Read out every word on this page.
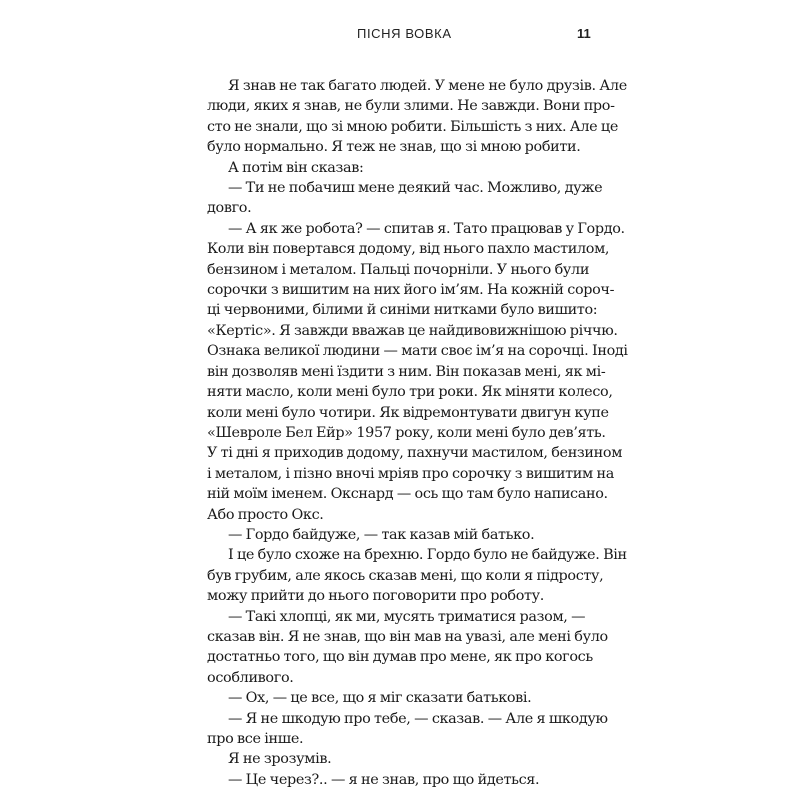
ПІСНЯ ВОВКА	11
Я знав не так багато людей. У мене не було друзів. Але
люди, яких я знав, не були злими. Не завжди. Вони про-
сто не знали, що зі мною робити. Більшість з них. Але це
було нормально. Я теж не знав, що зі мною робити.
А потім він сказав:
— Ти не побачиш мене деякий час. Можливо, дуже
довго.
— А як же робота? — спитав я. Тато працював у Гордо.
Коли він повертався додому, від нього пахло мастилом,
бензином і металом. Пальці почорніли. У нього були
сорочки з вишитим на них його ім’ям. На кожній сороч-
ці червоними, білими й синіми нитками було вишито:
«Кертіс». Я завжди вважав це найдивовижнішою річчю.
Ознака великої людини — мати своє ім’я на сорочці. Іноді
він дозволяв мені їздити з ним. Він показав мені, як мі-
няти масло, коли мені було три роки. Як міняти колесо,
коли мені було чотири. Як відремонтувати двигун купе
«Шевроле Бел Ейр» 1957 року, коли мені було дев’ять.
У ті дні я приходив додому, пахнучи мастилом, бензином
і металом, і пізно вночі мріяв про сорочку з вишитим на
ній моїм іменем. Окснард — ось що там було написано.
Або просто Окс.
— Гордо байдуже, — так казав мій батько.
І це було схоже на брехню. Гордо було не байдуже. Він
був грубим, але якось сказав мені, що коли я підросту,
можу прийти до нього поговорити про роботу.
— Такі хлопці, як ми, мусять триматися разом, —
сказав він. Я не знав, що він мав на увазі, але мені було
достатньо того, що він думав про мене, як про когось
особливого.
— Ох, — це все, що я міг сказати батькові.
— Я не шкодую про тебе, — сказав. — Але я шкодую
про все інше.
Я не зрозумів.
— Це через?.. — я не знав, про що йдеться.
